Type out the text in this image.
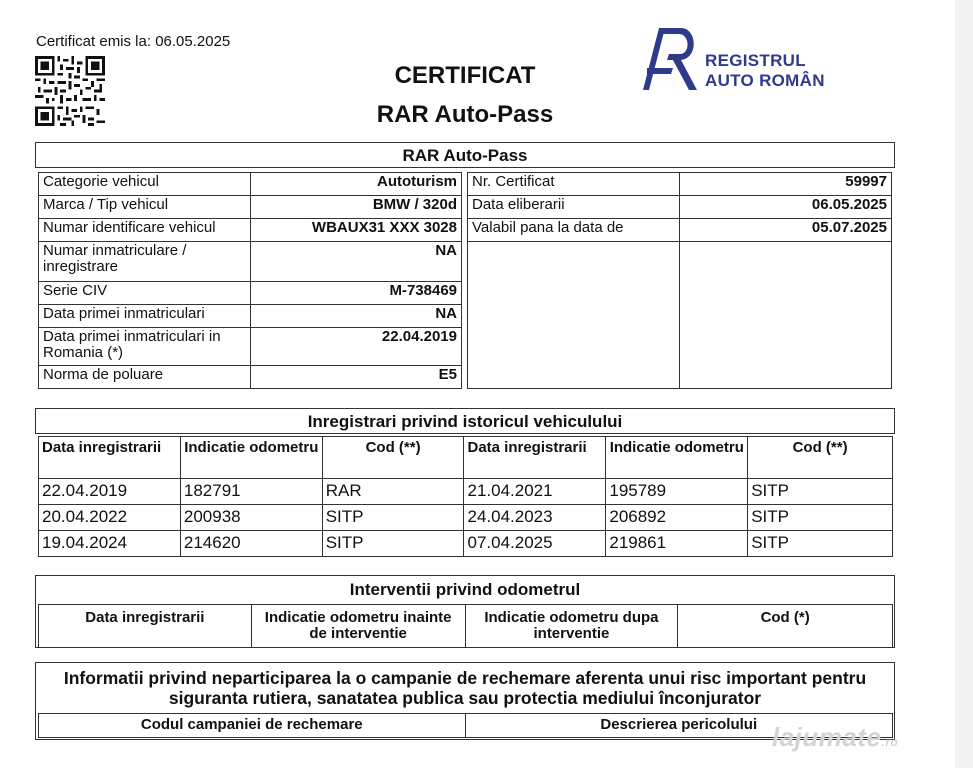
Certificat emis la: 06.05.2025
CERTIFICAT
RAR Auto-Pass
REGISTRUL
AUTO ROMÂN
RAR Auto-Pass
Categorie vehicul	Autoturism
Marca / Tip vehicul	BMW / 320d
Numar identificare vehicul	WBAUX31 XXX 3028
Numar inmatriculare / inregistrare	NA
Serie CIV	M-738469
Data primei inmatriculari	NA
Data primei inmatriculari in Romania (*)	22.04.2019
Norma de poluare	E5
Nr. Certificat	59997
Data eliberarii	06.05.2025
Valabil pana la data de	05.07.2025

Inregistrari privind istoricul vehiculului
Data inregistrarii	Indicatie odometru	Cod (**)	Data inregistrarii	Indicatie odometru	Cod (**)
22.04.2019	182791	RAR	21.04.2021	195789	SITP
20.04.2022	200938	SITP	24.04.2023	206892	SITP
19.04.2024	214620	SITP	07.04.2025	219861	SITP
Interventii privind odometrul
Data inregistrarii	Indicatie odometru inainte de interventie	Indicatie odometru dupa interventie	Cod (*)
Informatii privind neparticiparea la o campanie de rechemare aferenta unui risc important pentru siguranta rutiera, sanatatea publica sau protectia mediului înconjurator
Codul campaniei de rechemare	Descrierea pericolului lajumate.ro
